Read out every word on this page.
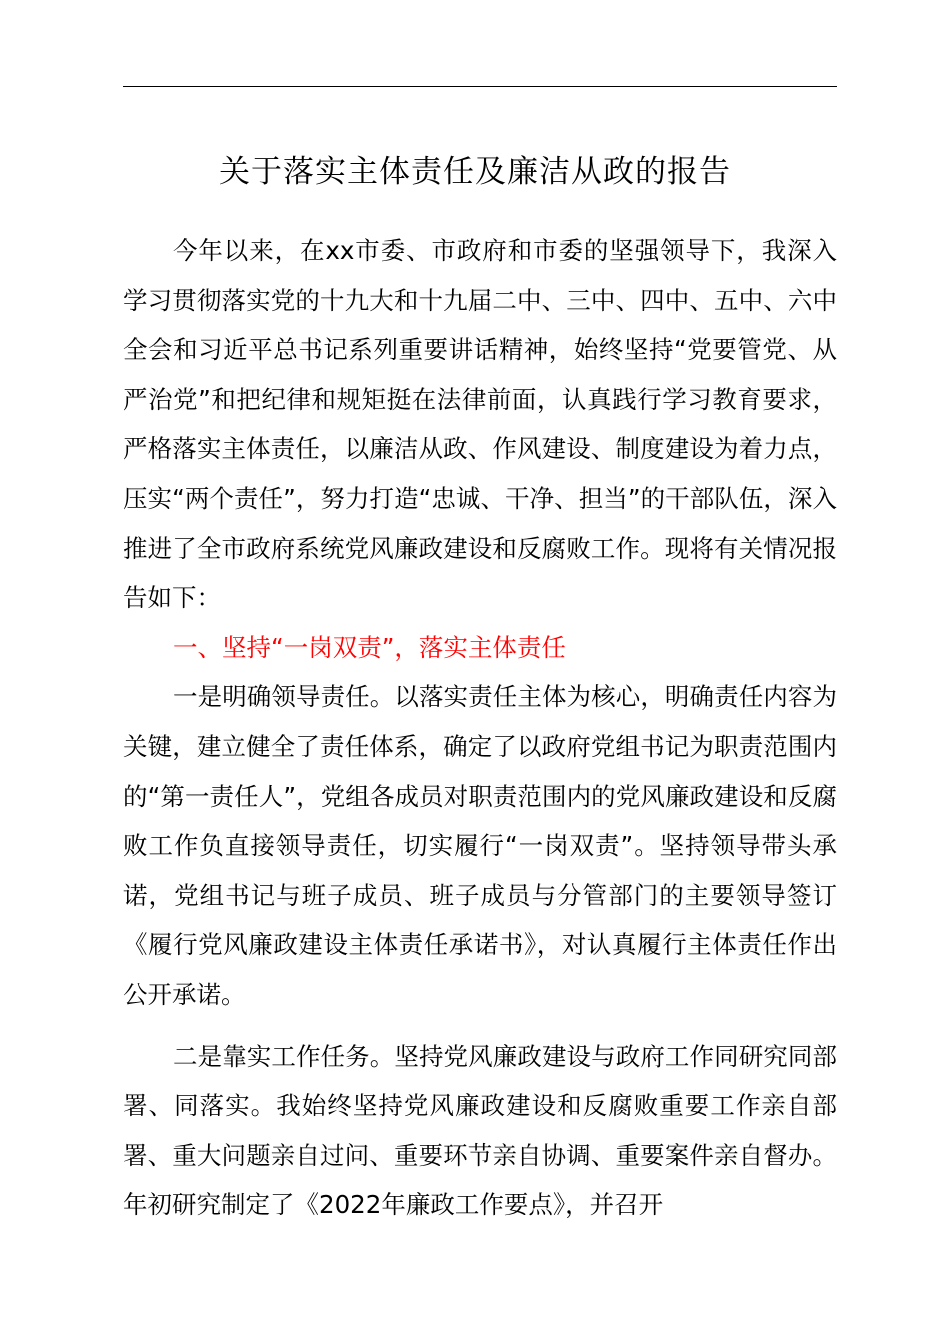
关于落实主体责任及廉洁从政的报告

今年以来，在xx市委、市政府和市委的坚强领导下，我深入学习贯彻落实党的十九大和十九届二中、三中、四中、五中、六中全会和习近平总书记系列重要讲话精神，始终坚持“党要管党、从严治党”和把纪律和规矩挺在法律前面，认真践行学习教育要求，严格落实主体责任，以廉洁从政、作风建设、制度建设为着力点，压实“两个责任”，努力打造“忠诚、干净、担当”的干部队伍，深入推进了全市政府系统党风廉政建设和反腐败工作。现将有关情况报告如下：

一、坚持“一岗双责”，落实主体责任

一是明确领导责任。以落实责任主体为核心，明确责任内容为关键，建立健全了责任体系，确定了以政府党组书记为职责范围内的“第一责任人”，党组各成员对职责范围内的党风廉政建设和反腐败工作负直接领导责任，切实履行“一岗双责”。坚持领导带头承诺，党组书记与班子成员、班子成员与分管部门的主要领导签订《履行党风廉政建设主体责任承诺书》，对认真履行主体责任作出公开承诺。

二是靠实工作任务。坚持党风廉政建设与政府工作同研究同部署、同落实。我始终坚持党风廉政建设和反腐败重要工作亲自部署、重大问题亲自过问、重要环节亲自协调、重要案件亲自督办。年初研究制定了《2022年廉政工作要点》，并召开
